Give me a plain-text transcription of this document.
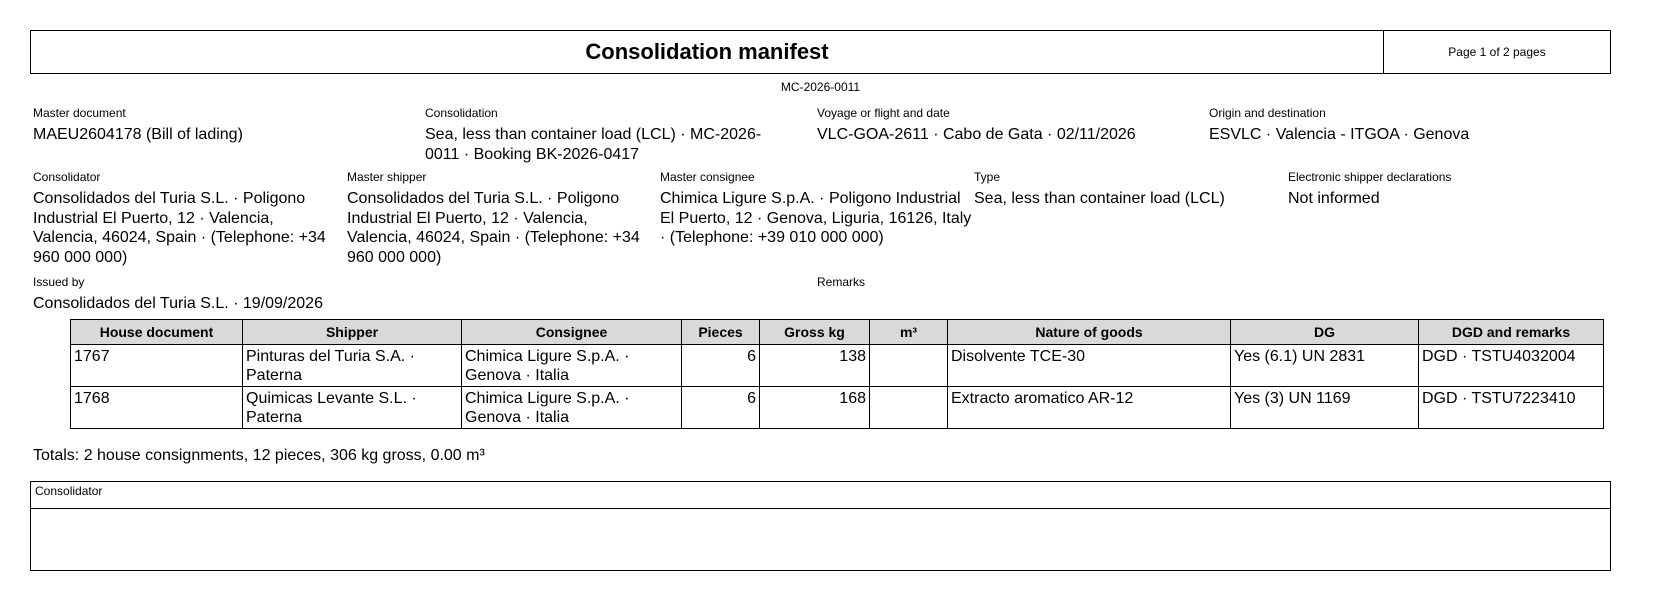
Consolidation manifest	Page 1 of 2 pages
MC-2026-0011
Master document
MAEU2604178 (Bill of lading)
Consolidation
Sea, less than container load (LCL) · MC-2026-0011 · Booking BK-2026-0417
Voyage or flight and date
VLC-GOA-2611 · Cabo de Gata · 02/11/2026
Origin and destination
ESVLC · Valencia - ITGOA · Genova
Consolidator
Consolidados del Turia S.L. · Poligono Industrial El Puerto, 12 · Valencia, Valencia, 46024, Spain · (Telephone: +34 960 000 000)
Master shipper
Consolidados del Turia S.L. · Poligono Industrial El Puerto, 12 · Valencia, Valencia, 46024, Spain · (Telephone: +34 960 000 000)
Master consignee
Chimica Ligure S.p.A. · Poligono Industrial El Puerto, 12 · Genova, Liguria, 16126, Italy · (Telephone: +39 010 000 000)
Type
Sea, less than container load (LCL)
Electronic shipper declarations
Not informed
Issued by
Consolidados del Turia S.L. · 19/09/2026
Remarks
House document	Shipper	Consignee	Pieces	Gross kg	m³	Nature of goods	DG	DGD and remarks
1767	Pinturas del Turia S.A. · Paterna	Chimica Ligure S.p.A. · Genova · Italia	6	138		Disolvente TCE-30	Yes (6.1) UN 2831	DGD · TSTU4032004
1768	Quimicas Levante S.L. · Paterna	Chimica Ligure S.p.A. · Genova · Italia	6	168		Extracto aromatico AR-12	Yes (3) UN 1169	DGD · TSTU7223410
Totals: 2 house consignments, 12 pieces, 306 kg gross, 0.00 m³
Consolidator
